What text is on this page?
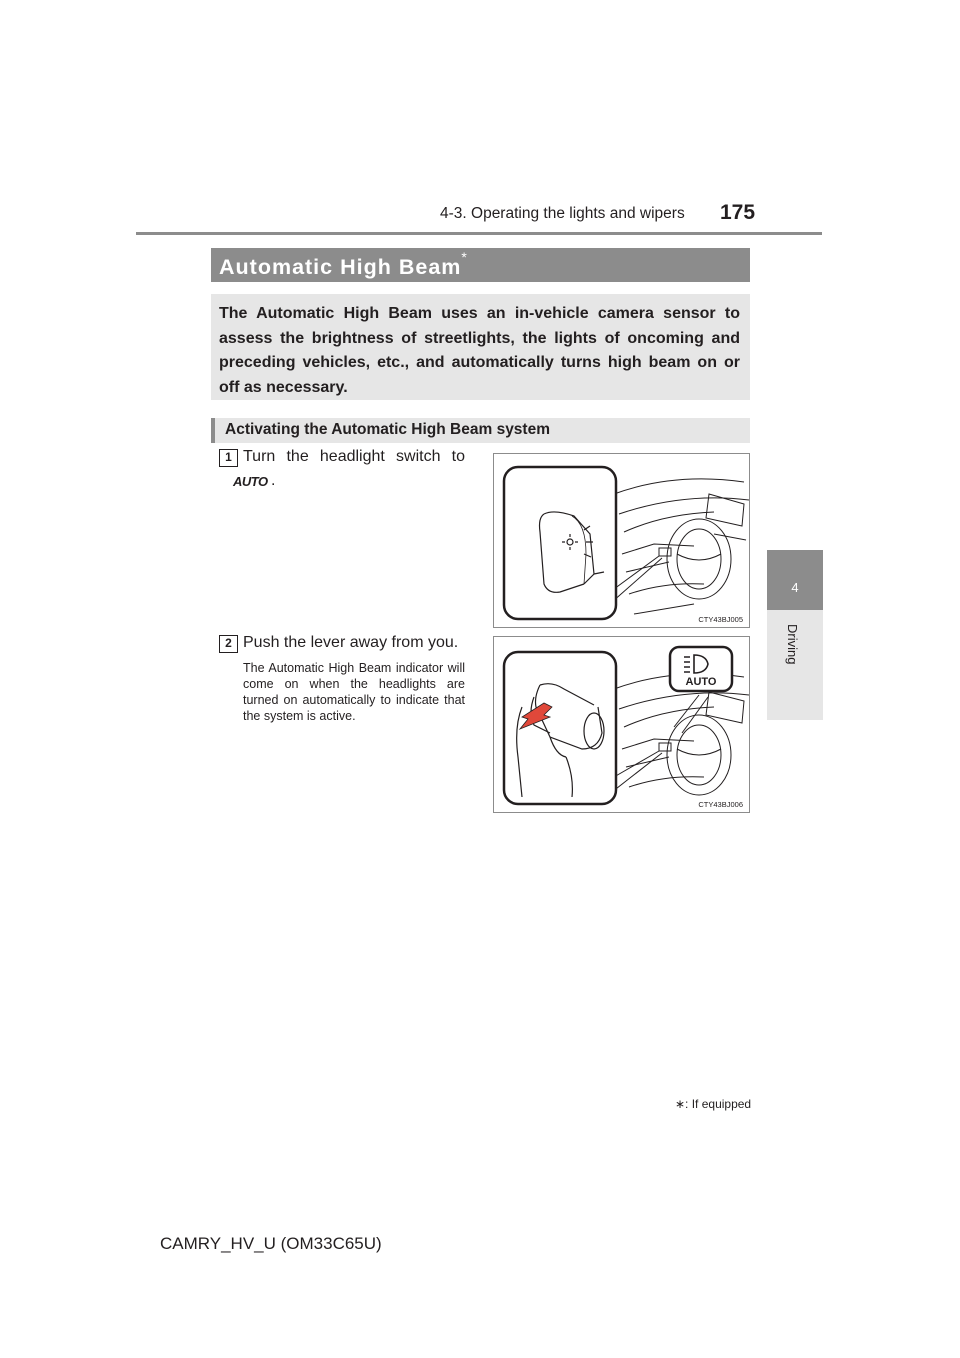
4-3. Operating the lights and wipers 175
4
Driving
Automatic High Beam*

The Automatic High Beam uses an in-vehicle camera sensor to assess the brightness of streetlights, the lights of oncoming and preceding vehicles, etc., and automatically turns high beam on or off as necessary.

Activating the Automatic High Beam system
1 Turn the headlight switch to
AUTO .
CTY43BJ005
2 Push the lever away from you.
The Automatic High Beam indicator will come on when the headlights are turned on automatically to indicate that the system is active.
AUTO
CTY43BJ006
∗: If equipped
CAMRY_HV_U (OM33C65U)
